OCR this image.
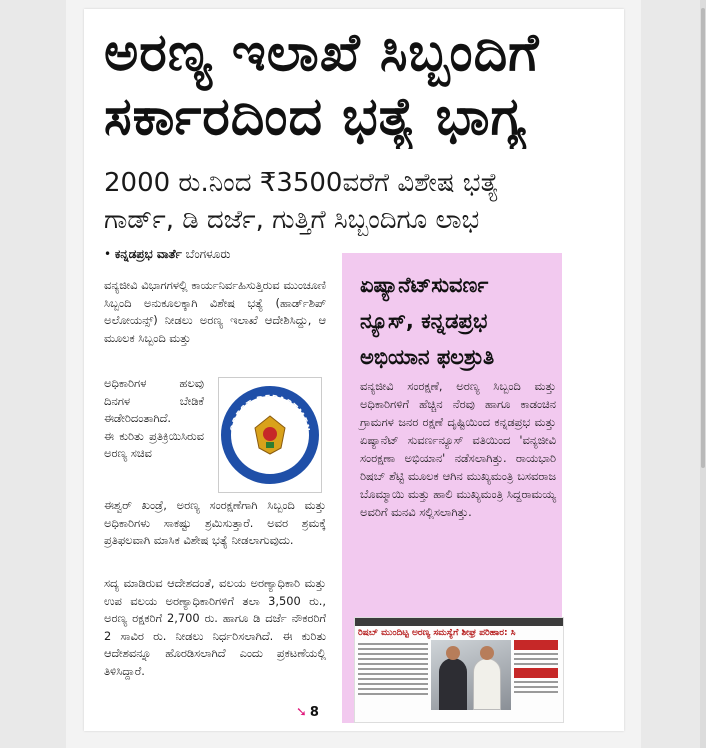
ಅರಣ್ಯ ಇಲಾಖೆ ಸಿಬ್ಬಂದಿಗೆ
ಸರ್ಕಾರದಿಂದ ಭತ್ಯೆ ಭಾಗ್ಯ
2000 ರು.ನಿಂದ ₹3500ವರೆಗೆ ವಿಶೇಷ ಭತ್ಯೆ
ಗಾರ್ಡ್, ಡಿ ದರ್ಜೆ, ಗುತ್ತಿಗೆ ಸಿಬ್ಬಂದಿಗೂ ಲಾಭ
• ಕನ್ನಡಪ್ರಭ ವಾರ್ತೆ ಬೆಂಗಳೂರು
ವನ್ಯಜೀವಿ ವಿಭಾಗಗಳಲ್ಲಿ ಕಾರ್ಯನಿರ್ವಹಿಸುತ್ತಿರುವ ಮುಂಚೂಣಿ ಸಿಬ್ಬಂದಿ ಅನುಕೂಲಕ್ಕಾಗಿ ವಿಶೇಷ ಭತ್ಯೆ (ಹಾರ್ಡ್‌ಶಿಪ್ ಅಲೋಯನ್ಸ್) ನೀಡಲು ಅರಣ್ಯ ಇಲಾಖೆ ಆದೇಶಿಸಿದ್ದು, ಆ ಮೂಲಕ ಸಿಬ್ಬಂದಿ ಮತ್ತು
ಅಧಿಕಾರಿಗಳ ಹಲವು ದಿನಗಳ ಬೇಡಿಕೆ ಈಡೇರಿದಂತಾಗಿದೆ.
ಈ ಕುರಿತು ಪ್ರತಿಕ್ರಿಯಿಸಿರುವ ಅರಣ್ಯ ಸಚಿವ
OREST DEPARTMEN
KARNATAKA
ಈಶ್ವರ್ ಖಂಡ್ರೆ, ಅರಣ್ಯ ಸಂರಕ್ಷಣೆಗಾಗಿ ಸಿಬ್ಬಂದಿ ಮತ್ತು ಅಧಿಕಾರಿಗಳು ಸಾಕಷ್ಟು ಶ್ರಮಿಸುತ್ತಾರೆ. ಅವರ ಶ್ರಮಕ್ಕೆ ಪ್ರತಿಫಲವಾಗಿ ಮಾಸಿಕ ವಿಶೇಷ ಭತ್ಯೆ ನೀಡಲಾಗುವುದು.
ಸದ್ಯ ಮಾಡಿರುವ ಆದೇಶದಂತೆ, ವಲಯ ಅರಣ್ಯಾಧಿಕಾರಿ ಮತ್ತು ಉಪ ವಲಯ ಅರಣ್ಯಾಧಿಕಾರಿಗಳಿಗೆ ತಲಾ 3,500 ರು., ಅರಣ್ಯ ರಕ್ಷಕರಿಗೆ 2,700 ರು. ಹಾಗೂ ಡಿ ದರ್ಜೆ ನೌಕರರಿಗೆ 2 ಸಾವಿರ ರು. ನೀಡಲು ನಿರ್ಧರಿಸಲಾಗಿದೆ. ಈ ಕುರಿತು ಆದೇಶವನ್ನೂ ಹೊರಡಿಸಲಾಗಿದೆ ಎಂದು ಪ್ರಕಟಣೆಯಲ್ಲಿ ತಿಳಿಸಿದ್ದಾರೆ.
➘ 8
ಏಷ್ಯಾನೆಟ್‌ಸುವರ್ಣ
ನ್ಯೂಸ್, ಕನ್ನಡಪ್ರಭ
ಅಭಿಯಾನ ಫಲಶ್ರುತಿ
ವನ್ಯಜೀವಿ ಸಂರಕ್ಷಣೆ, ಅರಣ್ಯ ಸಿಬ್ಬಂದಿ ಮತ್ತು ಅಧಿಕಾರಿಗಳಿಗೆ ಹೆಚ್ಚಿನ ನೆರವು ಹಾಗೂ ಕಾಡಂಚಿನ ಗ್ರಾಮಗಳ ಜನರ ರಕ್ಷಣೆ ದೃಷ್ಟಿಯಿಂದ ಕನ್ನಡಪ್ರಭ ಮತ್ತು ಏಷ್ಯಾನೆಟ್ ಸುವರ್ಣನ್ಯೂಸ್ ವತಿಯಿಂದ 'ವನ್ಯಜೀವಿ ಸಂರಕ್ಷಣಾ ಅಭಿಯಾನ' ನಡೆಸಲಾಗಿತ್ತು. ರಾಯಭಾರಿ ರಿಷಬ್ ಶೆಟ್ಟಿ ಮೂಲಕ ಆಗಿನ ಮುಖ್ಯಮಂತ್ರಿ ಬಸವರಾಜ ಬೊಮ್ಮಾಯಿ ಮತ್ತು ಹಾಲಿ ಮುಖ್ಯಮಂತ್ರಿ ಸಿದ್ದರಾಮಯ್ಯ ಅವರಿಗೆ ಮನವಿ ಸಲ್ಲಿಸಲಾಗಿತ್ತು.
ರಿಷಬ್ ಮುಂದಿಟ್ಟ ಅರಣ್ಯ ಸಮಸ್ಯೆಗೆ ಶೀಘ್ರ ಪರಿಹಾರ: ಸಿ
